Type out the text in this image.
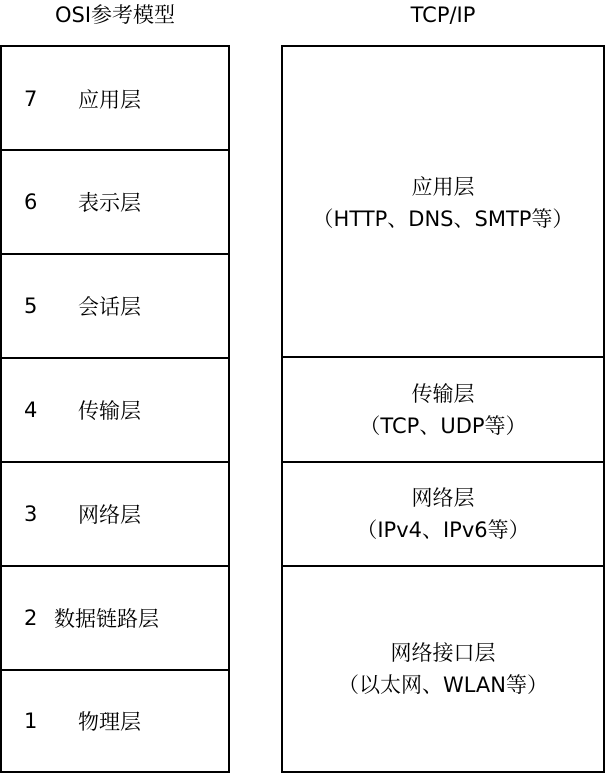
OSI参考模型	TCP/IP
7 应用层
6 表示层
5 会话层
4 传输层
3 网络层
2 数据链路层
1 物理层
应用层
（HTTP、DNS、SMTP等）
传输层
（TCP、UDP等）
网络层
（IPv4、IPv6等）
网络接口层
（以太网、WLAN等）
